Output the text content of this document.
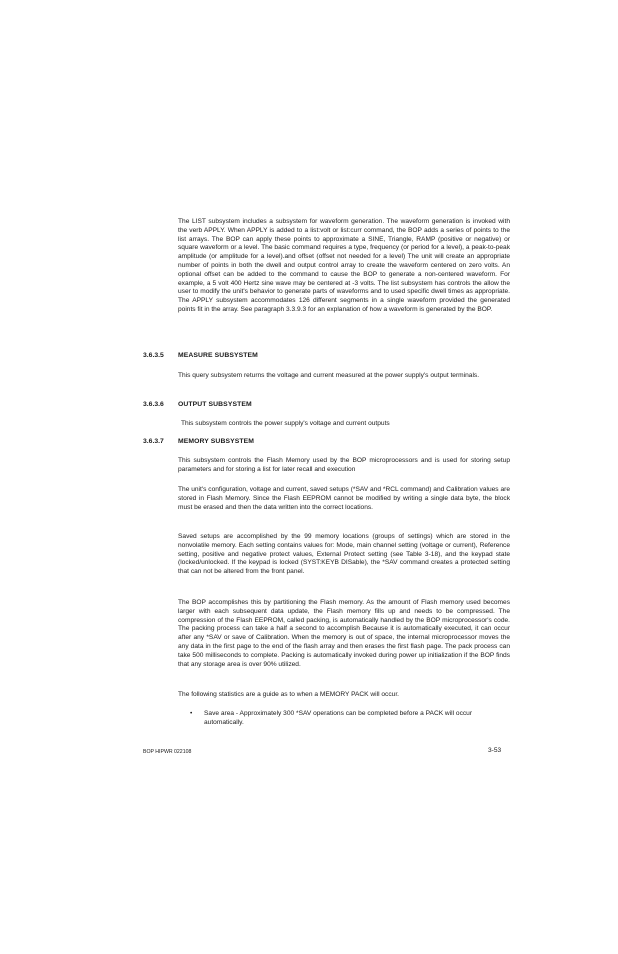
The LIST subsystem includes a subsystem for waveform generation. The waveform generation is invoked with the verb APPLY. When APPLY is added to a list:volt or list:curr command, the BOP adds a series of points to the list arrays. The BOP can apply these points to approximate a SINE, Triangle, RAMP (positive or negative) or square waveform or a level. The basic command requires a type, frequency (or period for a level), a peak-to-peak amplitude (or amplitude for a level).and offset (offset not needed for a level) The unit will create an appropriate number of points in both the dwell and output control array to create the waveform centered on zero volts. An optional offset can be added to the command to cause the BOP to generate a non-centered waveform. For example, a 5 volt 400 Hertz sine wave may be centered at -3 volts. The list subsystem has controls the allow the user to modify the unit's behavior to generate parts of waveforms and to used specific dwell times as appropriate. The APPLY subsystem accommodates 126 different segments in a single waveform provided the generated points fit in the array. See paragraph 3.3.9.3 for an explanation of how a waveform is generated by the BOP.

3.6.3.5 MEASURE SUBSYSTEM

This query subsystem returns the voltage and current measured at the power supply's output terminals.

3.6.3.6 OUTPUT SUBSYSTEM

This subsystem controls the power supply's voltage and current outputs

3.6.3.7 MEMORY SUBSYSTEM

This subsystem controls the Flash Memory used by the BOP microprocessors and is used for storing setup parameters and for storing a list for later recall and execution

The unit's configuration, voltage and current, saved setups (*SAV and *RCL command) and Calibration values are stored in Flash Memory. Since the Flash EEPROM cannot be modified by writing a single data byte, the block must be erased and then the data written into the correct locations.

Saved setups are accomplished by the 99 memory locations (groups of settings) which are stored in the nonvolatile memory. Each setting contains values for: Mode, main channel setting (voltage or current), Reference setting, positive and negative protect values, External Protect setting (see Table 3-18), and the keypad state (locked/unlocked. If the keypad is locked (SYST:KEYB DISable), the *SAV command creates a protected setting that can not be altered from the front panel.

The BOP accomplishes this by partitioning the Flash memory. As the amount of Flash memory used becomes larger with each subsequent data update, the Flash memory fills up and needs to be compressed. The compression of the Flash EEPROM, called packing, is automatically handled by the BOP microprocessor's code. The packing process can take a half a second to accomplish Because it is automatically executed, it can occur after any *SAV or save of Calibration. When the memory is out of space, the internal microprocessor moves the any data in the first page to the end of the flash array and then erases the first flash page. The pack process can take 500 milliseconds to complete. Packing is automatically invoked during power up initialization if the BOP finds that any storage area is over 90% utilized.

The following statistics are a guide as to when a MEMORY PACK will occur.

• Save area - Approximately 300 *SAV operations can be completed before a PACK will occur automatically.

BOP HIPWR 022108	3-53
